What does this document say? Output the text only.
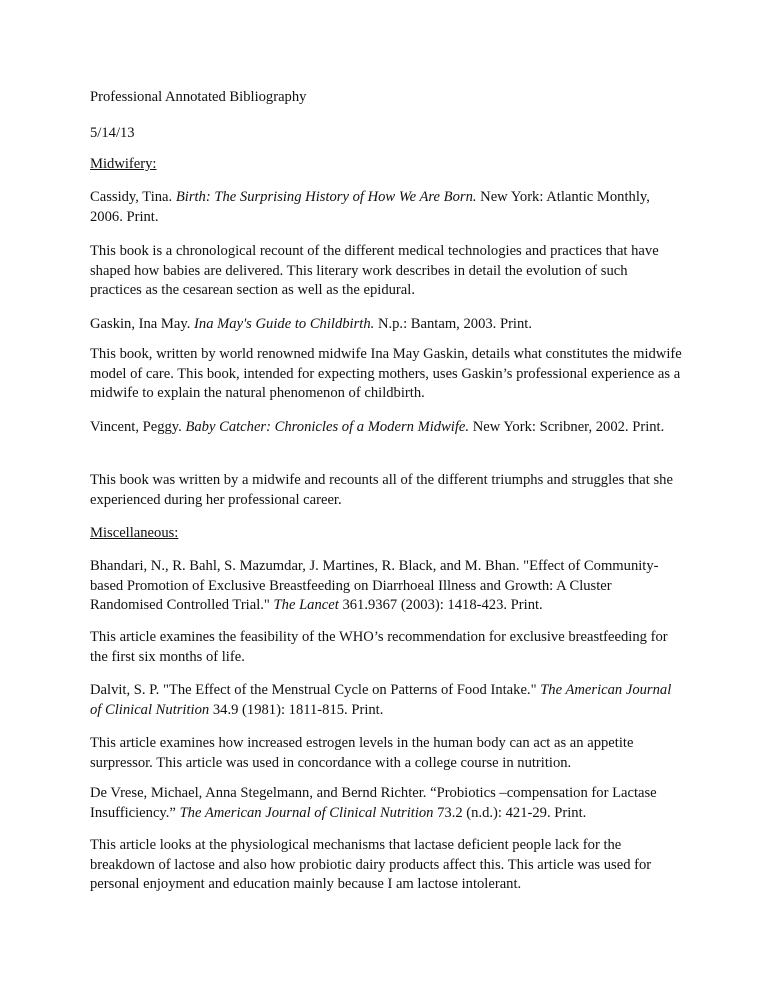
Professional Annotated Bibliography

5/14/13

Midwifery:

Cassidy, Tina. Birth: The Surprising History of How We Are Born. New York: Atlantic Monthly, 2006. Print.

This book is a chronological recount of the different medical technologies and practices that have shaped how babies are delivered. This literary work describes in detail the evolution of such practices as the cesarean section as well as the epidural.

Gaskin, Ina May. Ina May's Guide to Childbirth. N.p.: Bantam, 2003. Print.

This book, written by world renowned midwife Ina May Gaskin, details what constitutes the midwife model of care. This book, intended for expecting mothers, uses Gaskin’s professional experience as a midwife to explain the natural phenomenon of childbirth.

Vincent, Peggy. Baby Catcher: Chronicles of a Modern Midwife. New York: Scribner, 2002. Print.

This book was written by a midwife and recounts all of the different triumphs and struggles that she experienced during her professional career.

Miscellaneous:

Bhandari, N., R. Bahl, S. Mazumdar, J. Martines, R. Black, and M. Bhan. "Effect of Community-based Promotion of Exclusive Breastfeeding on Diarrhoeal Illness and Growth: A Cluster Randomised Controlled Trial." The Lancet 361.9367 (2003): 1418-423. Print.

This article examines the feasibility of the WHO’s recommendation for exclusive breastfeeding for the first six months of life.

Dalvit, S. P. "The Effect of the Menstrual Cycle on Patterns of Food Intake." The American Journal of Clinical Nutrition 34.9 (1981): 1811-815. Print.

This article examines how increased estrogen levels in the human body can act as an appetite surpressor. This article was used in concordance with a college course in nutrition.

De Vrese, Michael, Anna Stegelmann, and Bernd Richter. “Probiotics –compensation for Lactase Insufficiency.” The American Journal of Clinical Nutrition 73.2 (n.d.): 421-29. Print.

This article looks at the physiological mechanisms that lactase deficient people lack for the breakdown of lactose and also how probiotic dairy products affect this. This article was used for personal enjoyment and education mainly because I am lactose intolerant.
